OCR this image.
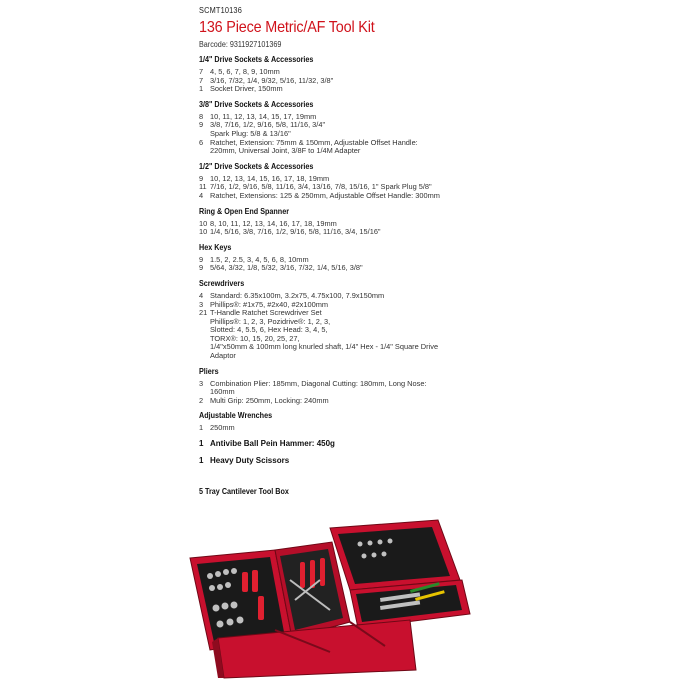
SCMT10136
136 Piece Metric/AF Tool Kit
Barcode: 9311927101369
1/4" Drive Sockets & Accessories
7 4, 5, 6, 7, 8, 9, 10mm
7 3/16, 7/32, 1/4, 9/32, 5/16, 11/32, 3/8"
1 Socket Driver, 150mm
3/8" Drive Sockets & Accessories
8 10, 11, 12, 13, 14, 15, 17, 19mm
9 3/8, 7/16, 1/2, 9/16, 5/8, 11/16, 3/4"
Spark Plug: 5/8 & 13/16"
6 Ratchet, Extension: 75mm & 150mm, Adjustable Offset Handle:
220mm, Universal Joint, 3/8F to 1/4M Adapter
1/2" Drive Sockets & Accessories
9 10, 12, 13, 14, 15, 16, 17, 18, 19mm
11 7/16, 1/2, 9/16, 5/8, 11/16, 3/4, 13/16, 7/8, 15/16, 1" Spark Plug 5/8"
4 Ratchet, Extensions: 125 & 250mm, Adjustable Offset Handle: 300mm
Ring & Open End Spanner
10 8, 10, 11, 12, 13, 14, 16, 17, 18, 19mm
10 1/4, 5/16, 3/8, 7/16, 1/2, 9/16, 5/8, 11/16, 3/4, 15/16"
Hex Keys
9 1.5, 2, 2.5, 3, 4, 5, 6, 8, 10mm
9 5/64, 3/32, 1/8, 5/32, 3/16, 7/32, 1/4, 5/16, 3/8"
Screwdrivers
4 Standard: 6.35x100m, 3.2x75, 4.75x100, 7.9x150mm
3 Phillips®: #1x75, #2x40, #2x100mm
21 T-Handle Ratchet Screwdriver Set
Phillips®: 1, 2, 3, Pozidrive®: 1, 2, 3,
Slotted: 4, 5.5, 6, Hex Head: 3, 4, 5,
TORX®: 10, 15, 20, 25, 27,
1/4"x50mm & 100mm long knurled shaft, 1/4" Hex - 1/4" Square Drive
Adaptor
Pliers
3 Combination Plier: 185mm, Diagonal Cutting: 180mm, Long Nose:
160mm
2 Multi Grip: 250mm, Locking: 240mm
Adjustable Wrenches
1 250mm
1 Antivibe Ball Pein Hammer: 450g
1 Heavy Duty Scissors
5 Tray Cantilever Tool Box
